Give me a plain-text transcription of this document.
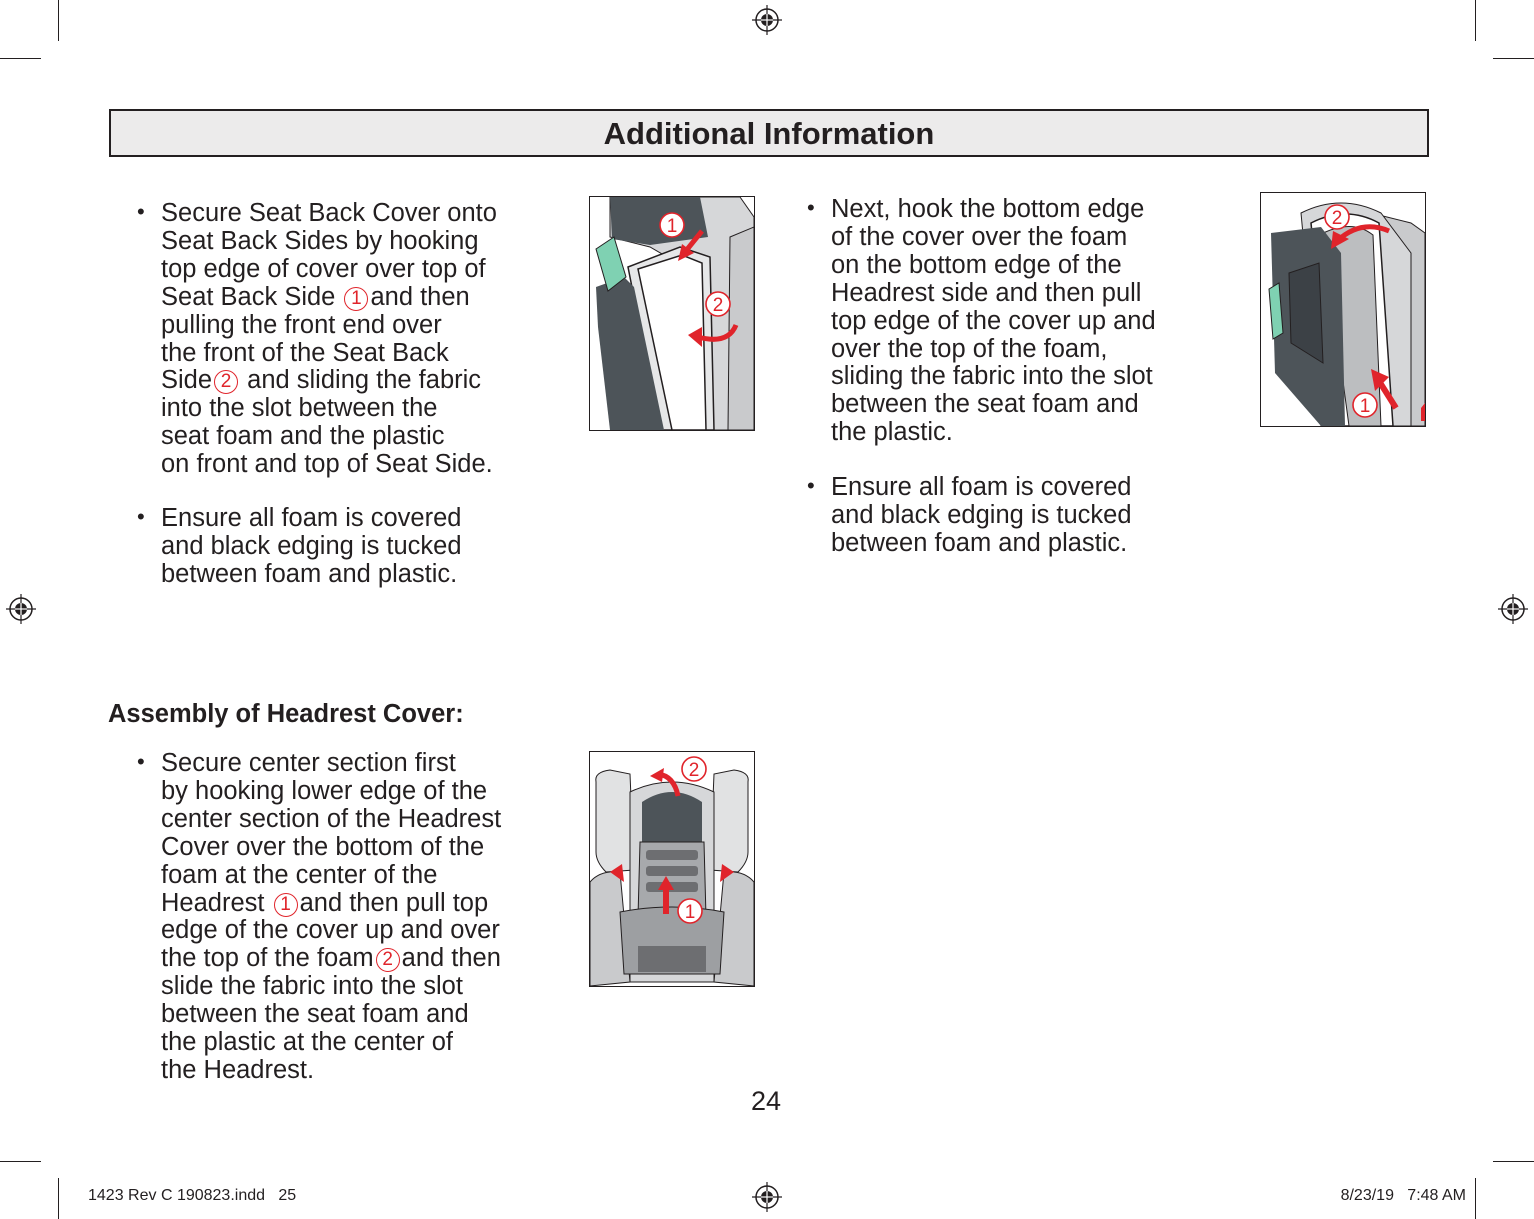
Additional Information
• Secure Seat Back Cover onto
Seat Back Sides by hooking
top edge of cover over top of
Seat Back Side 1 and then
pulling the front end over
the front of the Seat Back
Side 2 and sliding the fabric
into the slot between the
seat foam and the plastic
on front and top of Seat Side.
• Ensure all foam is covered
and black edging is tucked
between foam and plastic.
1
2
• Next, hook the bottom edge
of the cover over the foam
on the bottom edge of the
Headrest side and then pull
top edge of the cover up and
over the top of the foam,
sliding the fabric into the slot
between the seat foam and
the plastic.
• Ensure all foam is covered
and black edging is tucked
between foam and plastic.
2
1
Assembly of Headrest Cover:
• Secure center section first
by hooking lower edge of the
center section of the Headrest
Cover over the bottom of the
foam at the center of the
Headrest 1 and then pull top
edge of the cover up and over
the top of the foam 2 and then
slide the fabric into the slot
between the seat foam and
the plastic at the center of
the Headrest.
2
1
24
1423 Rev C 190823.indd   25	8/23/19   7:48 AM
